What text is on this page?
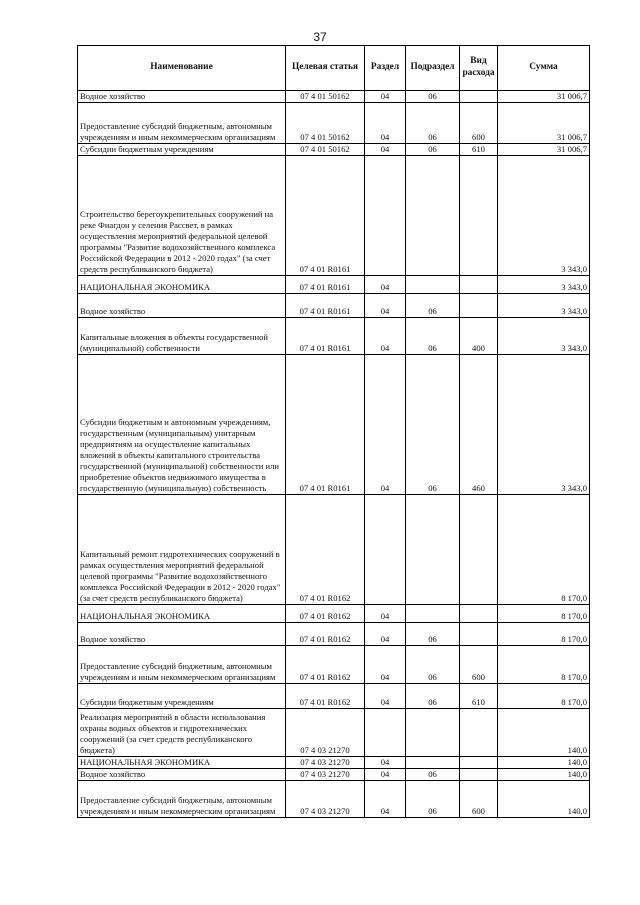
37
Наименование	Целевая статья	Раздел	Подраздел	Вид расхода	Сумма

Водное хозяйство	07 4 01 50162	04	06		31 006,7

Предоставление субсидий бюджетным, автономным учреждениям и иным некоммерческим организациям	07 4 01 50162	04	06	600	31 006,7

Субсидии бюджетным учреждениям	07 4 01 50162	04	06	610	31 006,7

Строительство берегоукрепительных сооружений на реке Фиагдон у селения Рассвет, в рамках осуществления мероприятий федеральной целевой программы "Развитие водохозяйственного комплекса Российской Федерации в 2012 - 2020 годах" (за счет средств республиканского бюджета)	07 4 01 R0161				3 343,0

НАЦИОНАЛЬНАЯ ЭКОНОМИКА	07 4 01 R0161	04			3 343,0

Водное хозяйство	07 4 01 R0161	04	06		3 343,0

Капитальные вложения в объекты государственной (муниципальной) собственности	07 4 01 R0161	04	06	400	3 343,0

Субсидии бюджетным и автономным учреждениям, государственным (муниципальным) унитарным предприятиям на осуществление капитальных вложений в объекты капитального строительства государственной (муниципальной) собственности или приобретение объектов недвижимого имущества в государственную (муниципальную) собственность	07 4 01 R0161	04	06	460	3 343,0

Капитальный ремонт гидротехнических сооружений в рамках осуществления мероприятий федеральной целевой программы "Развитие водохозяйственного комплекса Российской Федерации в 2012 - 2020 годах" (за счет средств республиканского бюджета)	07 4 01 R0162				8 170,0

НАЦИОНАЛЬНАЯ ЭКОНОМИКА	07 4 01 R0162	04			8 170,0

Водное хозяйство	07 4 01 R0162	04	06		8 170,0

Предоставление субсидий бюджетным, автономным учреждениям и иным некоммерческим организациям	07 4 01 R0162	04	06	600	8 170,0

Субсидии бюджетным учреждениям	07 4 01 R0162	04	06	610	8 170,0

Реализация мероприятий в области использования охраны водных объектов и гидротехнических сооружений (за счет средств республиканского бюджета)	07 4 03 21270				140,0

НАЦИОНАЛЬНАЯ ЭКОНОМИКА	07 4 03 21270	04			140,0

Водное хозяйство	07 4 03 21270	04	06		140,0

Предоставление субсидий бюджетным, автономным учреждениям и иным некоммерческим организациям	07 4 03 21270	04	06	600	140,0
